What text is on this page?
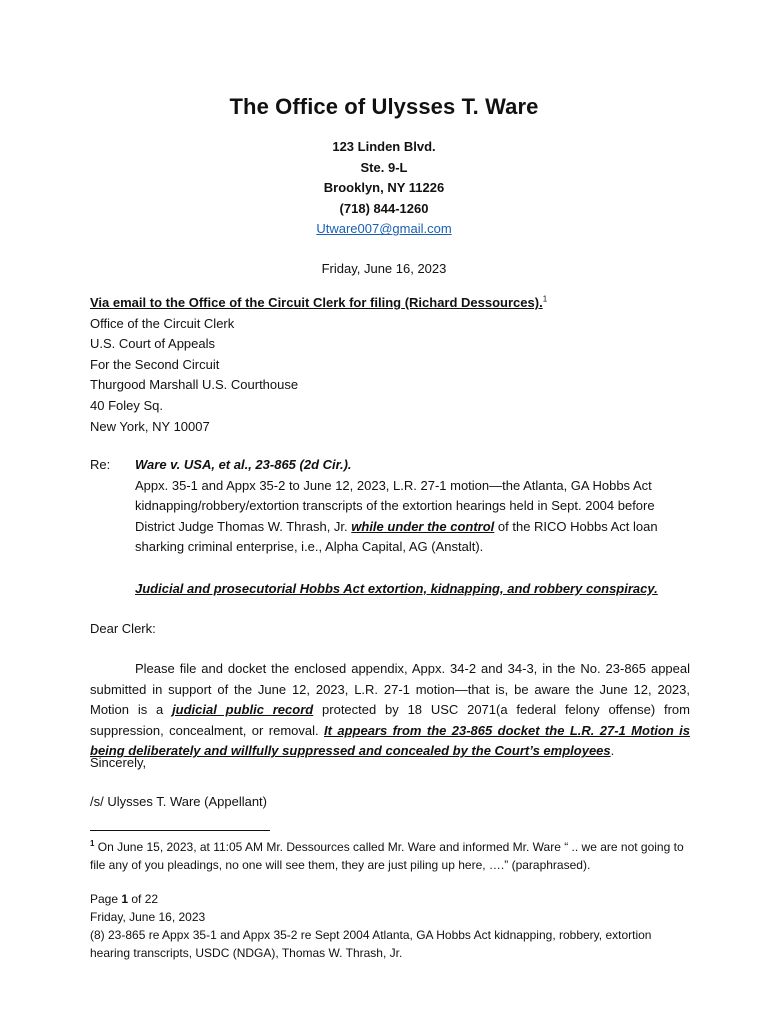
The Office of Ulysses T. Ware
123 Linden Blvd.
Ste. 9-L
Brooklyn, NY 11226
(718) 844-1260
Utware007@gmail.com
Friday, June 16, 2023
Via email to the Office of the Circuit Clerk for filing (Richard Dessources).$^1$
Office of the Circuit Clerk
U.S. Court of Appeals
For the Second Circuit
Thurgood Marshall U.S. Courthouse
40 Foley Sq.
New York, NY 10007
Re:	Ware v. USA, et al., 23-865 (2d Cir.).
Appx. 35-1 and Appx 35-2 to June 12, 2023, L.R. 27-1 motion—the Atlanta, GA Hobbs Act kidnapping/robbery/extortion transcripts of the extortion hearings held in Sept. 2004 before District Judge Thomas W. Thrash, Jr. while under the control of the RICO Hobbs Act loan sharking criminal enterprise, i.e., Alpha Capital, AG (Anstalt).
Judicial and prosecutorial Hobbs Act extortion, kidnapping, and robbery conspiracy.
Dear Clerk:

Please file and docket the enclosed appendix, Appx. 34-2 and 34-3, in the No. 23-865 appeal submitted in support of the June 12, 2023, L.R. 27-1 motion—that is, be aware the June 12, 2023, Motion is a judicial public record protected by 18 USC 2071(a federal felony offense) from suppression, concealment, or removal. It appears from the 23-865 docket the L.R. 27-1 Motion is being deliberately and willfully suppressed and concealed by the Court’s employees.

Sincerely,
/s/ Ulysses T. Ware (Appellant)
$^1$ On June 15, 2023, at 11:05 AM Mr. Dessources called Mr. Ware and informed Mr. Ware “ .. we are not going to file any of you pleadings, no one will see them, they are just piling up here, ….” (paraphrased).
Page 1 of 22
Friday, June 16, 2023
(8) 23-865 re Appx 35-1 and Appx 35-2 re Sept 2004 Atlanta, GA Hobbs Act kidnapping, robbery, extortion hearing transcripts, USDC (NDGA), Thomas W. Thrash, Jr.
